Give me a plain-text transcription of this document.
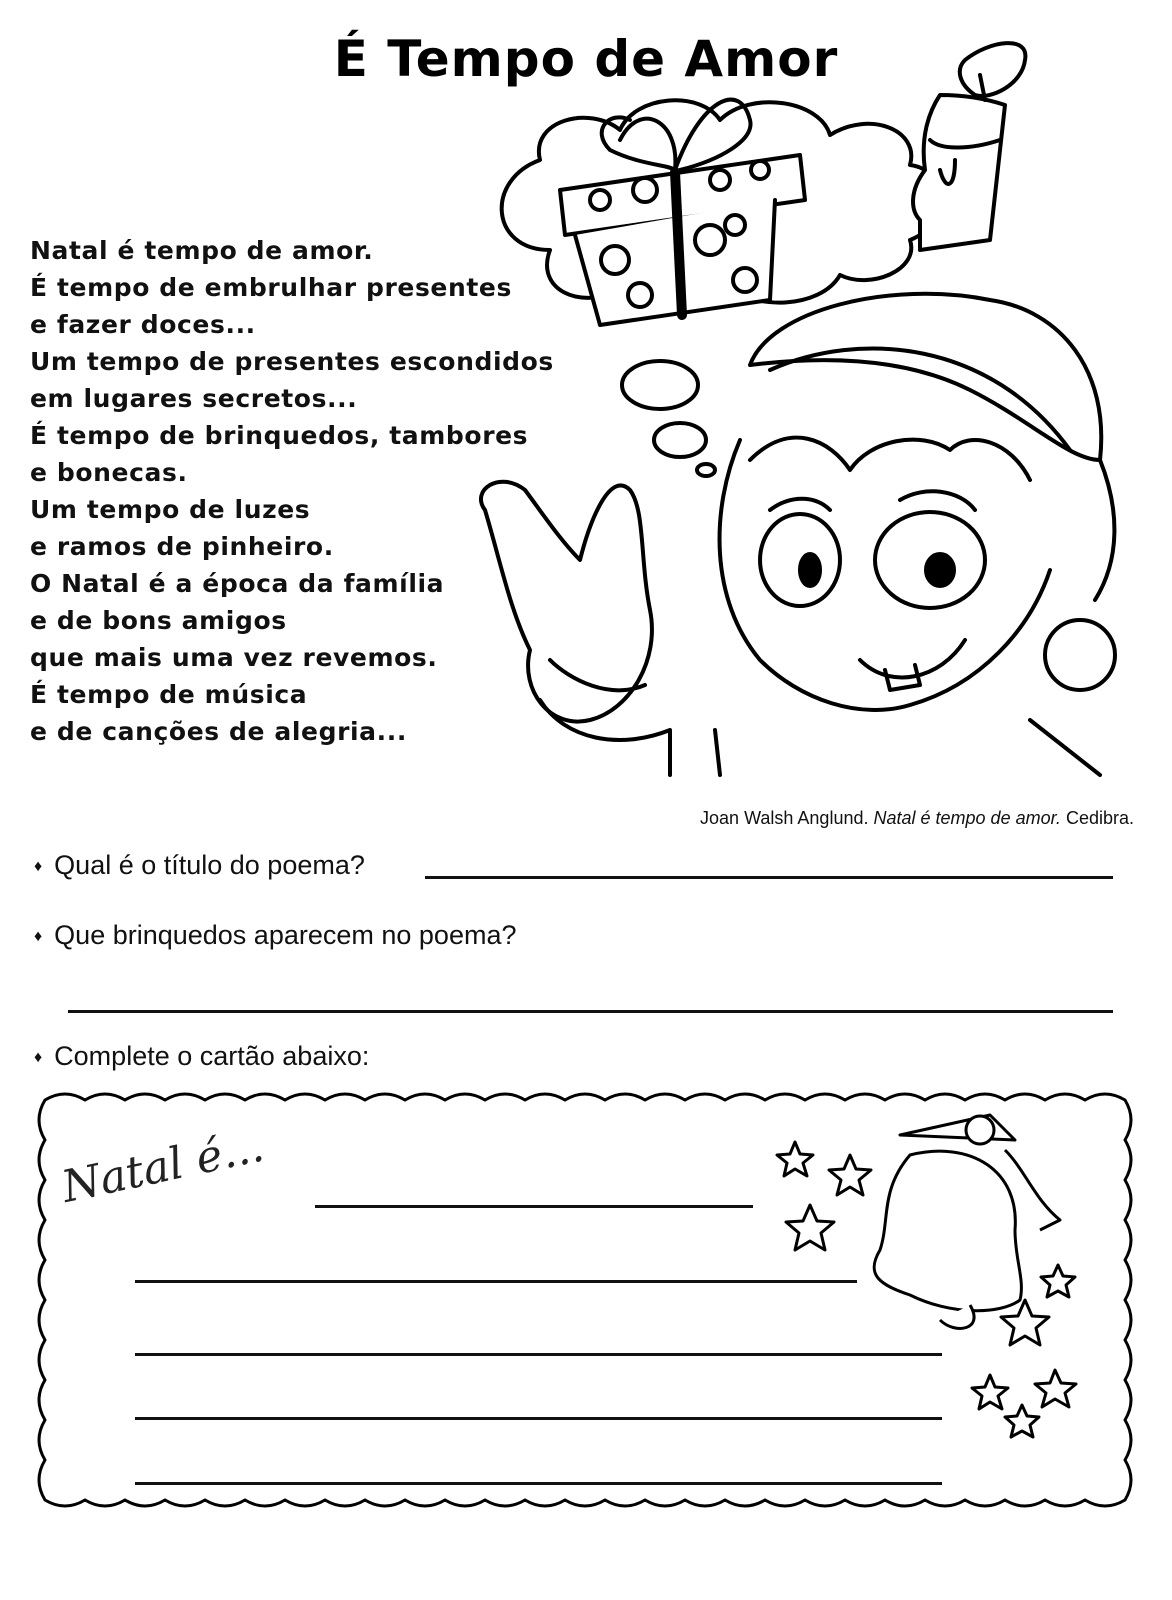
É Tempo de Amor
Natal é tempo de amor.
É tempo de embrulhar presentes
e fazer doces...
Um tempo de presentes escondidos
em lugares secretos...
É tempo de brinquedos, tambores
e bonecas.
Um tempo de luzes
e ramos de pinheiro.
O Natal é a época da família
e de bons amigos
que mais uma vez revemos.
É tempo de música
e de canções de alegria...
Joan Walsh Anglund. Natal é tempo de amor. Cedibra.
♦ Qual é o título do poema?
♦ Que brinquedos aparecem no poema?
♦ Complete o cartão abaixo:
Natal é...
